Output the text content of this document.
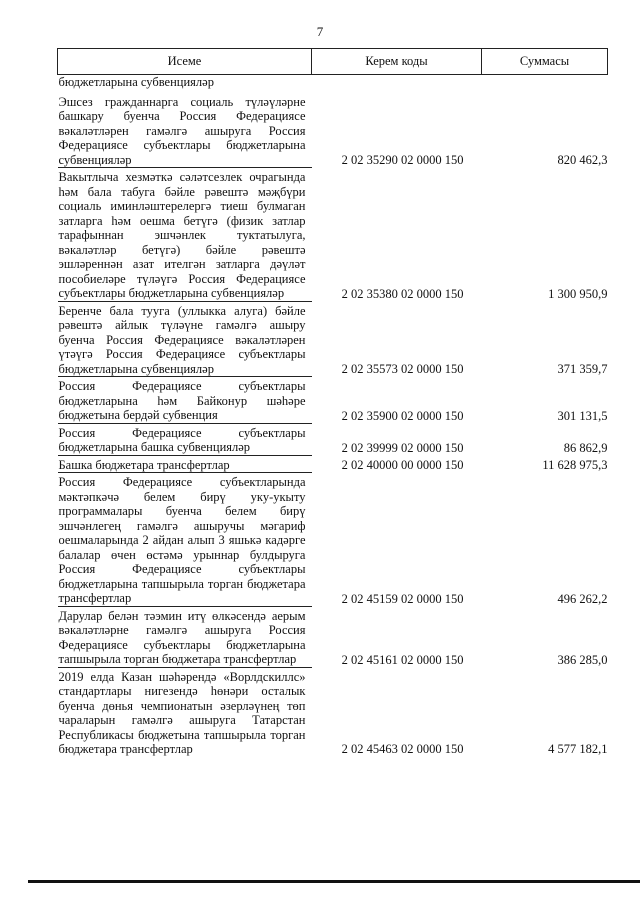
7
Исеме	Керем коды	Суммасы
бюджетларына субвенцияләр		

Эшсез гражданнарга социаль түләүләрне башкару буенча Россия Федерациясе вәкаләтләрен гамәлгә ашыруга Россия Федерациясе субъектлары бюджетларына субвенцияләр	2 02 35290 02 0000 150	820 462,3
Вакытлыча хезмәткә сәләтсезлек очрагында һәм бала табуга бәйле рәвештә мәҗбүри социаль иминләштерелергә тиеш булмаган затларга һәм оешма бетүгә (физик затлар тарафыннан эшчәнлек туктатылуга, вәкаләтләр бетүгә) бәйле рәвештә эшләреннән азат ителгән затларга дәүләт пособиеләре түләүгә Россия Федерациясе субъектлары бюджетларына субвенцияләр	2 02 35380 02 0000 150	1 300 950,9
Беренче бала тууга (уллыкка алуга) бәйле рәвештә айлык түләүне гамәлгә ашыру буенча Россия Федерациясе вәкаләтләрен үтәүгә Россия Федерациясе субъектлары бюджетларына субвенцияләр	2 02 35573 02 0000 150	371 359,7
Россия Федерациясе субъектлары бюджетларына һәм Байконур шәһәре бюджетына бердәй субвенция	2 02 35900 02 0000 150	301 131,5
Россия Федерациясе субъектлары бюджетларына башка субвенцияләр	2 02 39999 02 0000 150	86 862,9
Башка бюджетара трансфертлар	2 02 40000 00 0000 150	11 628 975,3
Россия Федерациясе субъектларында мәктәпкәчә белем бирү уку-укыту программалары буенча белем бирү эшчәнлегең гамәлгә ашыручы мәгариф оешмаларында 2 айдан алып 3 яшькә кадәрге балалар өчен өстәмә урыннар булдыруга Россия Федерациясе субъектлары бюджетларына тапшырыла торган бюджетара трансфертлар	2 02 45159 02 0000 150	496 262,2
Дарулар белән тәэмин итү өлкәсендә аерым вәкаләтләрне гамәлгә ашыруга Россия Федерациясе субъектлары бюджетларына тапшырыла торган бюджетара трансфертлар	2 02 45161 02 0000 150	386 285,0
2019 елда Казан шәһәрендә «Ворлдскиллс» стандартлары нигезендә һөнәри осталык буенча дөнья чемпионатын әзерләүнең төп чараларын гамәлгә ашыруга Татарстан Республикасы бюджетына тапшырыла торган бюджетара трансфертлар	2 02 45463 02 0000 150	4 577 182,1
